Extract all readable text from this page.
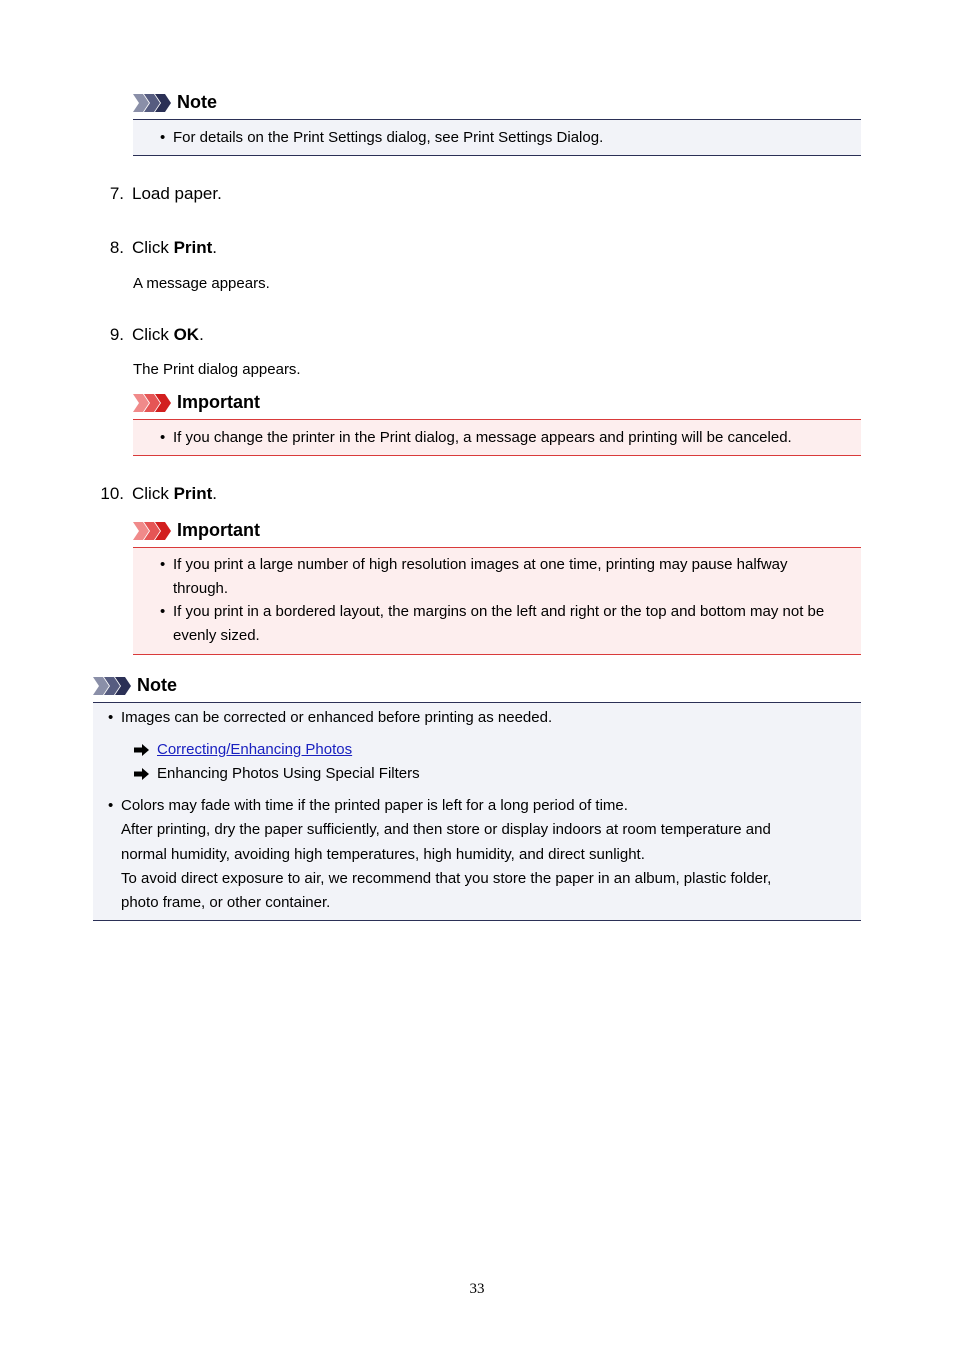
Note
• For details on the Print Settings dialog, see Print Settings Dialog.
7. Load paper.
8. Click Print.
A message appears.
9. Click OK.
The Print dialog appears.
Important
• If you change the printer in the Print dialog, a message appears and printing will be canceled.
10. Click Print.
Important
• If you print a large number of high resolution images at one time, printing may pause halfway
through.
• If you print in a bordered layout, the margins on the left and right or the top and bottom may not be
evenly sized.
Note
• Images can be corrected or enhanced before printing as needed.
Correcting/Enhancing Photos
Enhancing Photos Using Special Filters
• Colors may fade with time if the printed paper is left for a long period of time.
After printing, dry the paper sufficiently, and then store or display indoors at room temperature and
normal humidity, avoiding high temperatures, high humidity, and direct sunlight.
To avoid direct exposure to air, we recommend that you store the paper in an album, plastic folder,
photo frame, or other container.
33
